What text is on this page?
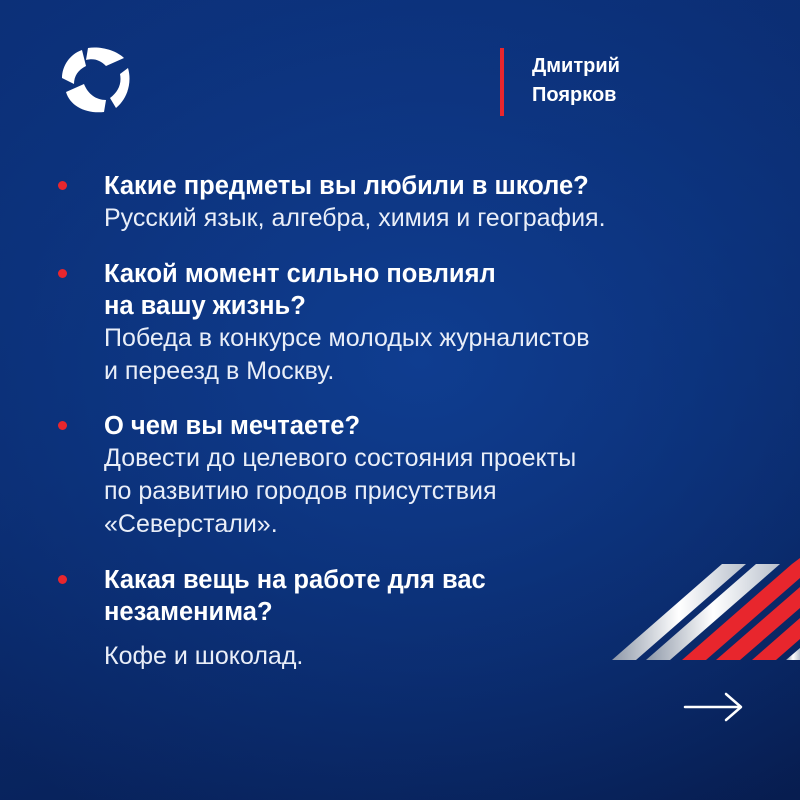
Дмитрий
Поярков
Какие предметы вы любили в школе?
Русский язык, алгебра, химия и география.
Какой момент сильно повлиял
на вашу жизнь?
Победа в конкурсе молодых журналистов
и переезд в Москву.
О чем вы мечтаете?
Довести до целевого состояния проекты
по развитию городов присутствия
«Северстали».
Какая вещь на работе для вас
незаменима?
Кофе и шоколад.
